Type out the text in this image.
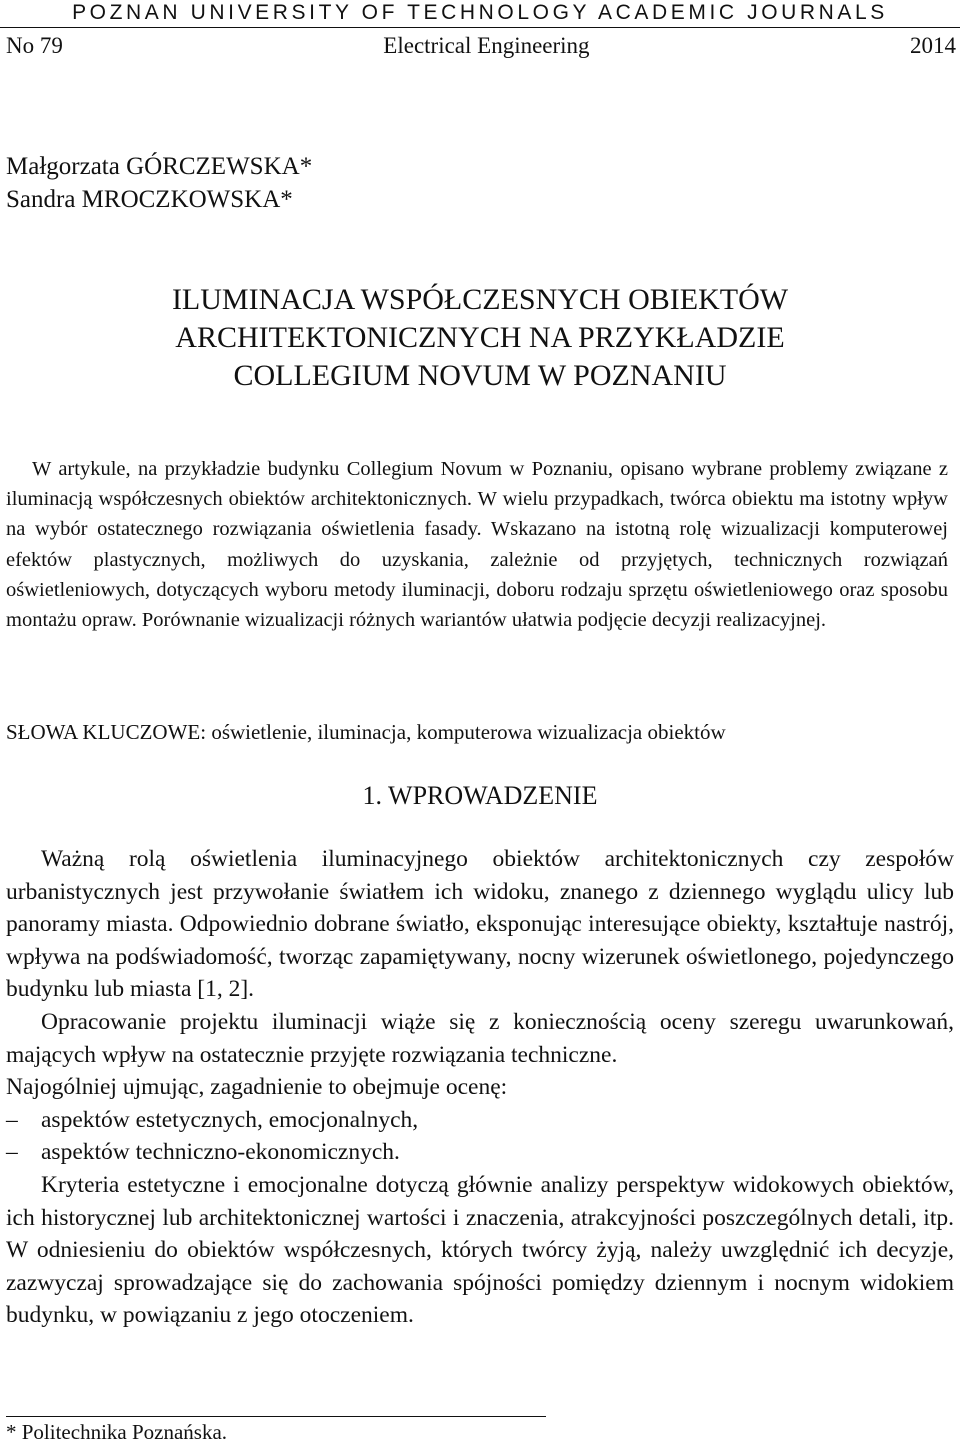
POZNAN UNIVERSITY OF TECHNOLOGY ACADEMIC JOURNALS
No 79	Electrical Engineering	2014
Małgorzata GÓRCZEWSKA*
Sandra MROCZKOWSKA*
ILUMINACJA WSPÓŁCZESNYCH OBIEKTÓW
ARCHITEKTONICZNYCH NA PRZYKŁADZIE
COLLEGIUM NOVUM W POZNANIU

W artykule, na przykładzie budynku Collegium Novum w Poznaniu, opisano wybrane problemy związane z iluminacją współczesnych obiektów architektonicznych. W wielu przypadkach, twórca obiektu ma istotny wpływ na wybór ostatecznego rozwiązania oświetlenia fasady. Wskazano na istotną rolę wizualizacji komputerowej efektów plastycznych, możliwych do uzyskania, zależnie od przyjętych, technicznych rozwiązań oświetleniowych, dotyczących wyboru metody iluminacji, doboru rodzaju sprzętu oświetleniowego oraz sposobu montażu opraw. Porównanie wizualizacji różnych wariantów ułatwia podjęcie decyzji realizacyjnej.

SŁOWA KLUCZOWE: oświetlenie, iluminacja, komputerowa wizualizacja obiektów
1. WPROWADZENIE

Ważną rolą oświetlenia iluminacyjnego obiektów architektonicznych czy zespołów urbanistycznych jest przywołanie światłem ich widoku, znanego z dziennego wyglądu ulicy lub panoramy miasta. Odpowiednio dobrane światło, eksponując interesujące obiekty, kształtuje nastrój, wpływa na podświadomość, tworząc zapamiętywany, nocny wizerunek oświetlonego, pojedynczego budynku lub miasta [1, 2].

Opracowanie projektu iluminacji wiąże się z koniecznością oceny szeregu uwarunkowań, mających wpływ na ostatecznie przyjęte rozwiązania techniczne.

Najogólniej ujmując, zagadnienie to obejmuje ocenę:

– aspektów estetycznych, emocjonalnych,
– aspektów techniczno-ekonomicznych.

Kryteria estetyczne i emocjonalne dotyczą głównie analizy perspektyw widokowych obiektów, ich historycznej lub architektonicznej wartości i znaczenia, atrakcyjności poszczególnych detali, itp. W odniesieniu do obiektów współczesnych, których twórcy żyją, należy uwzględnić ich decyzje, zazwyczaj sprowadzające się do zachowania spójności pomiędzy dziennym i nocnym widokiem budynku, w powiązaniu z jego otoczeniem.

* Politechnika Poznańska.
